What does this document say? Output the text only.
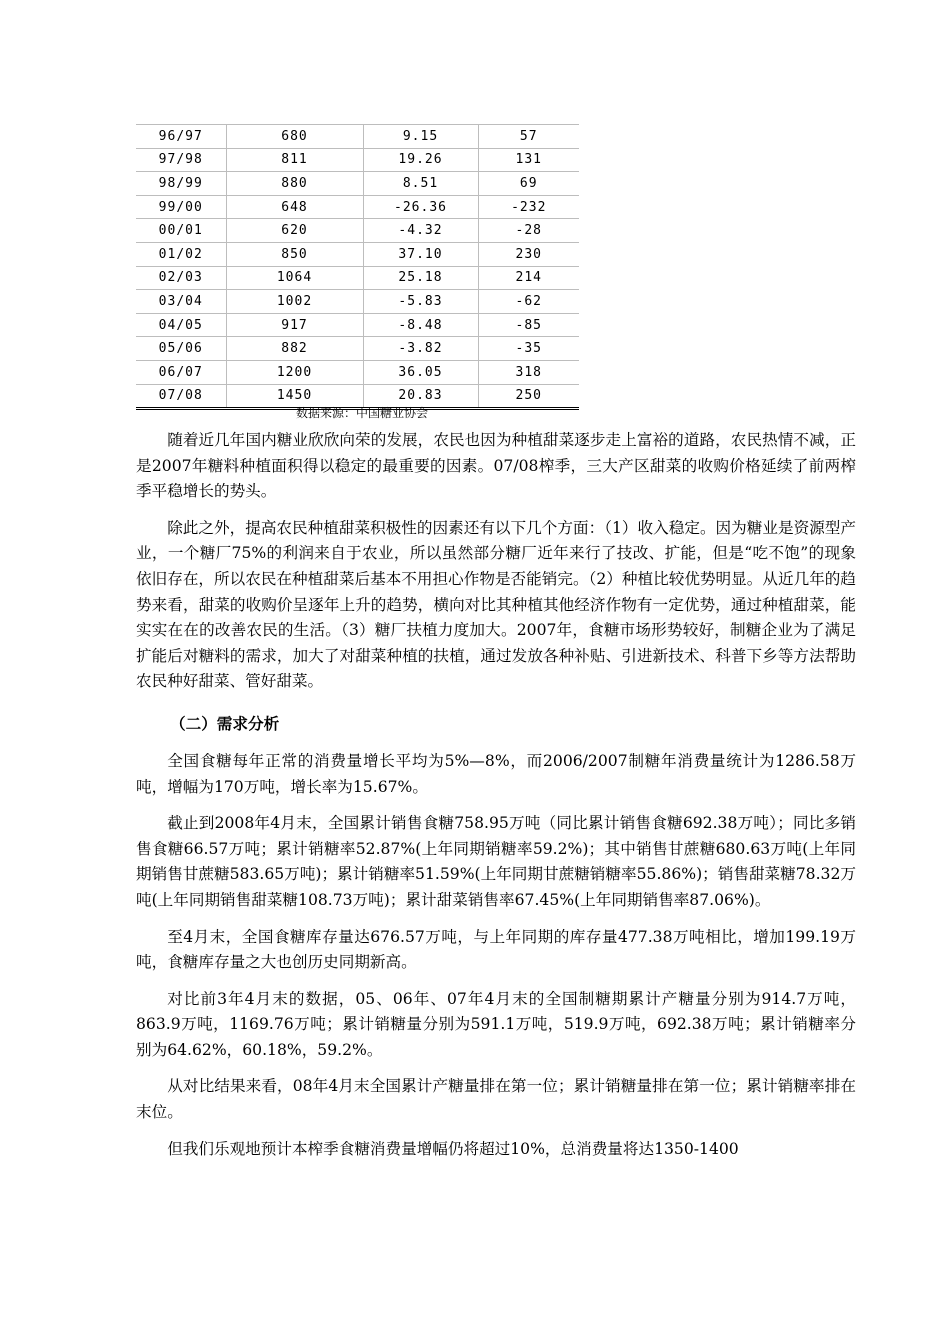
96/97	680	9.15	57
97/98	811	19.26	131
98/99	880	8.51	69
99/00	648	-26.36	-232
00/01	620	-4.32	-28
01/02	850	37.10	230
02/03	1064	25.18	214
03/04	1002	-5.83	-62
04/05	917	-8.48	-85
05/06	882	-3.82	-35
06/07	1200	36.05	318
07/08	1450	20.83	250
数据来源：中国糖业协会

随着近几年国内糖业欣欣向荣的发展，农民也因为种植甜菜逐步走上富裕的道路，农民热情不减，正是2007年糖料种植面积得以稳定的最重要的因素。07/08榨季，三大产区甜菜的收购价格延续了前两榨季平稳增长的势头。

除此之外，提高农民种植甜菜积极性的因素还有以下几个方面：（1）收入稳定。因为糖业是资源型产业，一个糖厂75%的利润来自于农业，所以虽然部分糖厂近年来行了技改、扩能，但是“吃不饱”的现象依旧存在，所以农民在种植甜菜后基本不用担心作物是否能销完。（2）种植比较优势明显。从近几年的趋势来看，甜菜的收购价呈逐年上升的趋势，横向对比其种植其他经济作物有一定优势，通过种植甜菜，能实实在在的改善农民的生活。（3）糖厂扶植力度加大。2007年，食糖市场形势较好，制糖企业为了满足扩能后对糖料的需求，加大了对甜菜种植的扶植，通过发放各种补贴、引进新技术、科普下乡等方法帮助农民种好甜菜、管好甜菜。

（二）需求分析

全国食糖每年正常的消费量增长平均为5%—8%，而2006/2007制糖年消费量统计为1286.58万吨，增幅为170万吨，增长率为15.67%。

截止到2008年4月末，全国累计销售食糖758.95万吨（同比累计销售食糖692.38万吨）；同比多销售食糖66.57万吨；累计销糖率52.87%(上年同期销糖率59.2%)；其中销售甘蔗糖680.63万吨(上年同期销售甘蔗糖583.65万吨)；累计销糖率51.59%(上年同期甘蔗糖销糖率55.86%)；销售甜菜糖78.32万吨(上年同期销售甜菜糖108.73万吨)；累计甜菜销售率67.45%(上年同期销售率87.06%)。

至4月末，全国食糖库存量达676.57万吨，与上年同期的库存量477.38万吨相比，增加199.19万吨，食糖库存量之大也创历史同期新高。

对比前3年4月末的数据，05、06年、07年4月末的全国制糖期累计产糖量分别为914.7万吨，863.9万吨，1169.76万吨；累计销糖量分别为591.1万吨，519.9万吨，692.38万吨；累计销糖率分别为64.62%，60.18%，59.2%。

从对比结果来看，08年4月末全国累计产糖量排在第一位；累计销糖量排在第一位；累计销糖率排在末位。

但我们乐观地预计本榨季食糖消费量增幅仍将超过10%，总消费量将达1350-1400
